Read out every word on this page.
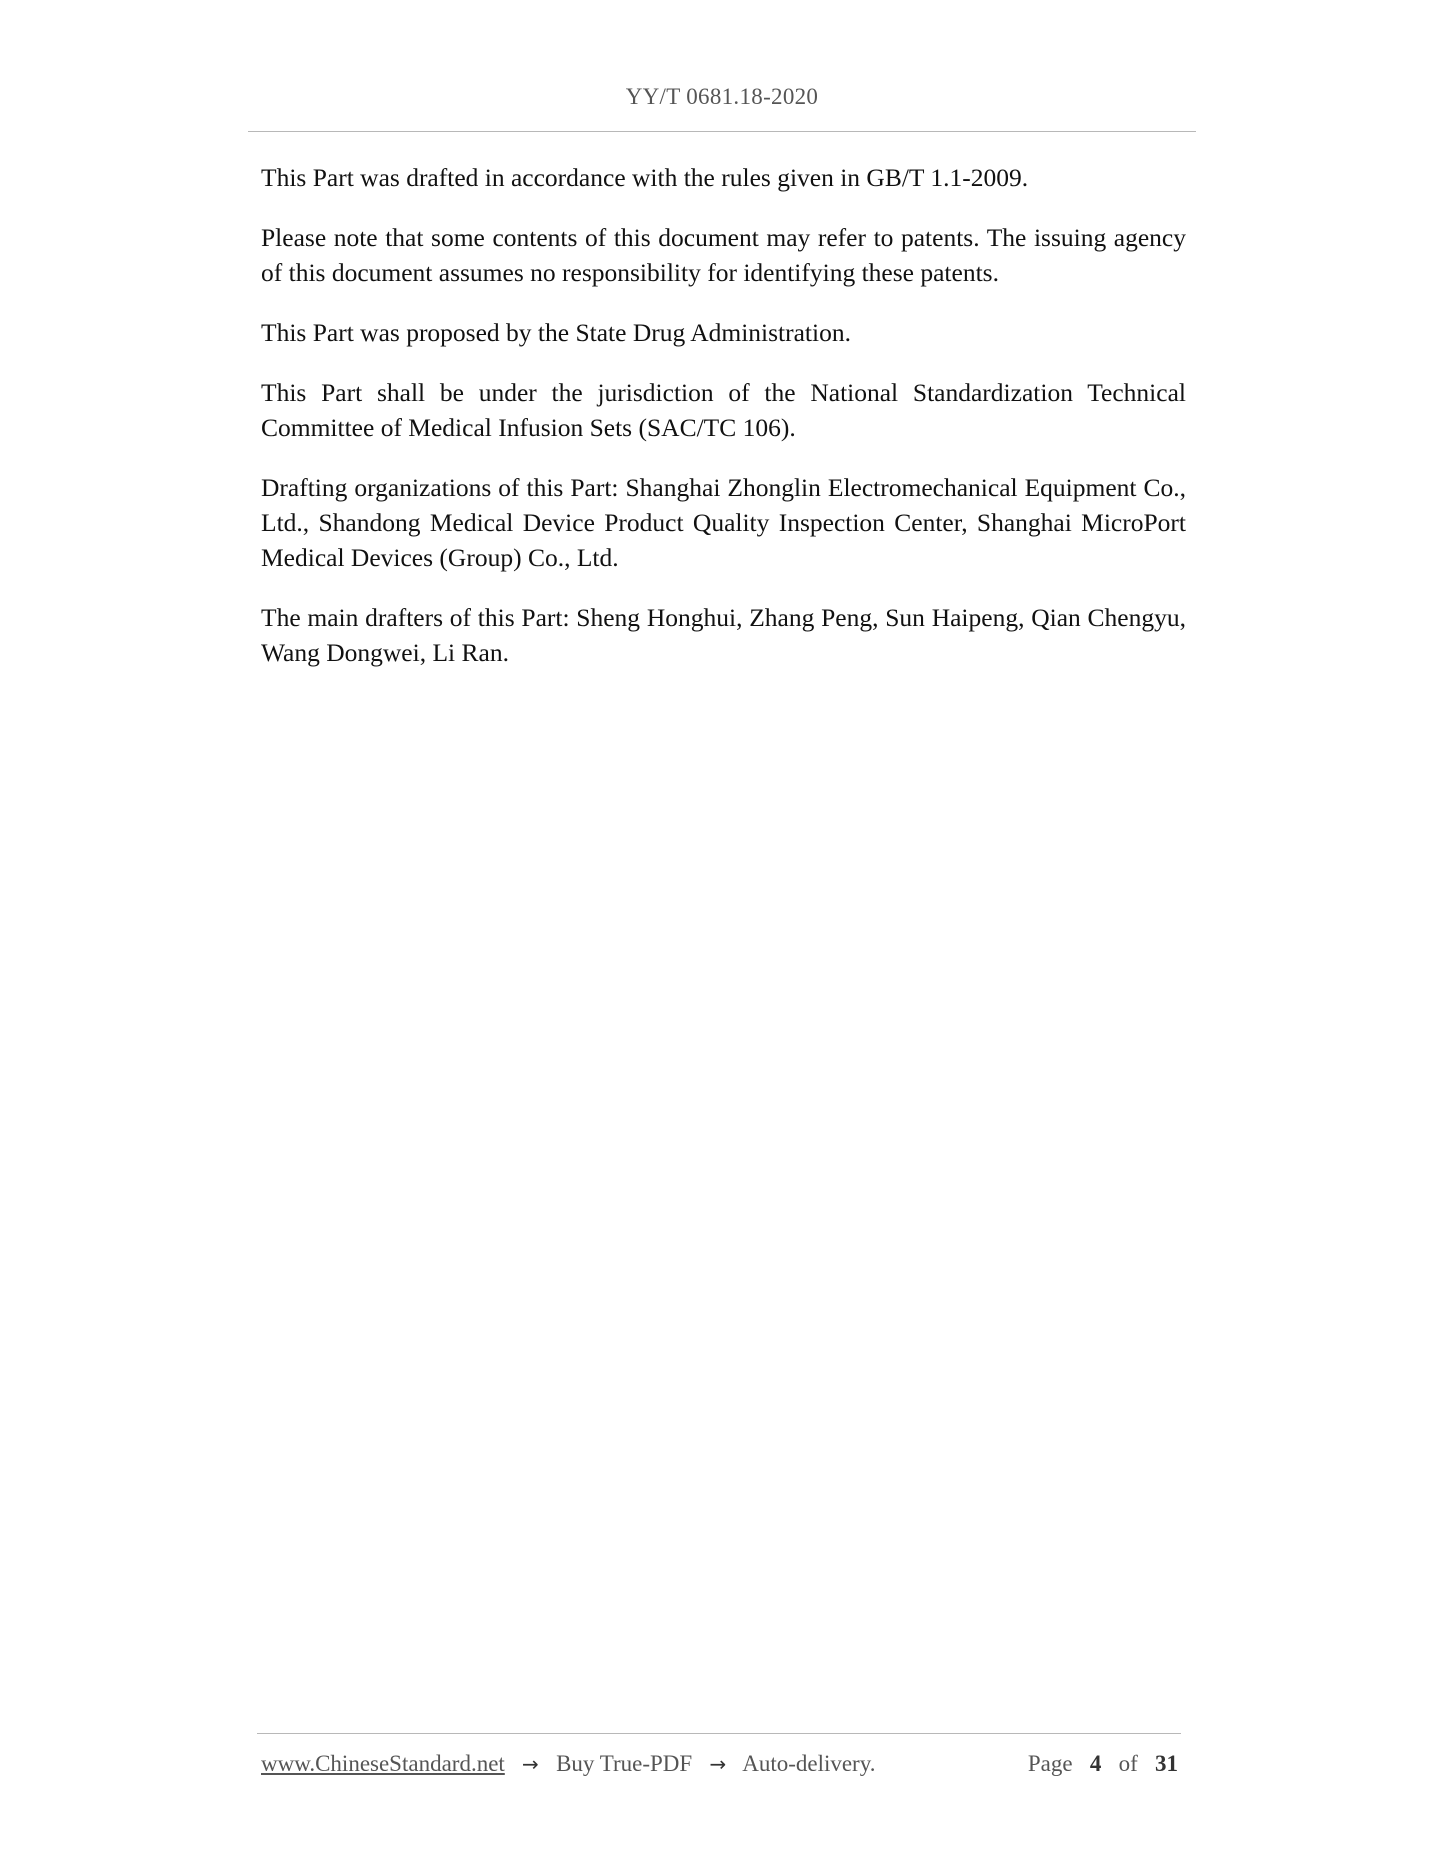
YY/T 0681.18-2020

This Part was drafted in accordance with the rules given in GB/T 1.1-2009.

Please note that some contents of this document may refer to patents. The issuing agency of this document assumes no responsibility for identifying these patents.

This Part was proposed by the State Drug Administration.

This Part shall be under the jurisdiction of the National Standardization Technical Committee of Medical Infusion Sets (SAC/TC 106).

Drafting organizations of this Part: Shanghai Zhonglin Electromechanical Equipment Co., Ltd., Shandong Medical Device Product Quality Inspection Center, Shanghai MicroPort Medical Devices (Group) Co., Ltd.

The main drafters of this Part: Sheng Honghui, Zhang Peng, Sun Haipeng, Qian Chengyu, Wang Dongwei, Li Ran.

www.ChineseStandard.net → Buy True-PDF → Auto-delivery.	Page 4 of 31
